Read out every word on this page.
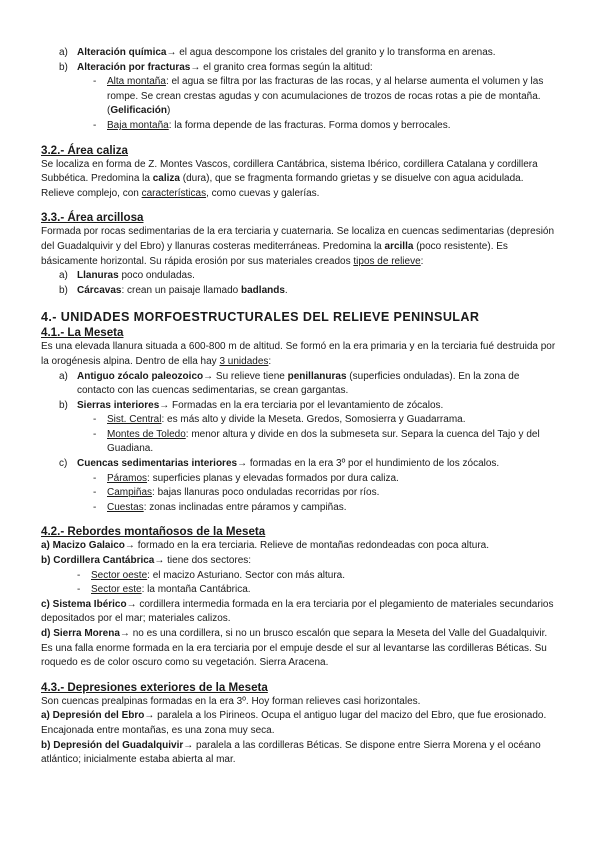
a) Alteración química→ el agua descompone los cristales del granito y lo transforma en arenas.
b) Alteración por fracturas→ el granito crea formas según la altitud:
-	Alta montaña: el agua se filtra por las fracturas de las rocas, y al helarse aumenta el volumen y las rompe. Se crean crestas agudas y con acumulaciones de trozos de rocas rotas a pie de montaña. (Gelificación)
-	Baja montaña: la forma depende de las fracturas. Forma domos y berrocales.

3.2.- Área caliza

Se localiza en forma de Z. Montes Vascos, cordillera Cantábrica, sistema Ibérico, cordillera Catalana y cordillera Subbética. Predomina la caliza (dura), que se fragmenta formando grietas y se disuelve con agua acidulada. Relieve complejo, con características, como cuevas y galerías.

3.3.- Área arcillosa

Formada por rocas sedimentarias de la era terciaria y cuaternaria. Se localiza en cuencas sedimentarias (depresión del Guadalquivir y del Ebro) y llanuras costeras mediterráneas. Predomina la arcilla (poco resistente). Es básicamente horizontal. Su rápida erosión por sus materiales creados tipos de relieve:

a) Llanuras poco onduladas.
b) Cárcavas: crean un paisaje llamado badlands.

4.- UNIDADES MORFOESTRUCTURALES DEL RELIEVE PENINSULAR

4.1.- La Meseta

Es una elevada llanura situada a 600-800 m de altitud. Se formó en la era primaria y en la terciaria fué destruida por la orogénesis alpina. Dentro de ella hay 3 unidades:

a) Antiguo zócalo paleozoico→ Su relieve tiene penillanuras (superficies onduladas). En la zona de contacto con las cuencas sedimentarias, se crean gargantas.
b) Sierras interiores→ Formadas en la era terciaria por el levantamiento de zócalos.
-	Sist. Central: es más alto y divide la Meseta. Gredos, Somosierra y Guadarrama.
-	Montes de Toledo: menor altura y divide en dos la submeseta sur. Separa la cuenca del Tajo y del Guadiana.
c) Cuencas sedimentarias interiores→ formadas en la era 3º por el hundimiento de los zócalos.
-	Páramos: superficies planas y elevadas formados por dura caliza.
-	Campiñas: bajas llanuras poco onduladas recorridas por ríos.
-	Cuestas: zonas inclinadas entre páramos y campiñas.

4.2.- Rebordes montañosos de la Meseta

a) Macizo Galaico→ formado en la era terciaria. Relieve de montañas redondeadas con poca altura.

b) Cordillera Cantábrica→ tiene dos sectores:

-	Sector oeste: el macizo Asturiano. Sector con más altura.
-	Sector este: la montaña Cantábrica.

c) Sistema Ibérico→ cordillera intermedia formada en la era terciaria por el plegamiento de materiales secundarios depositados por el mar; materiales calizos.

d) Sierra Morena→ no es una cordillera, si no un brusco escalón que separa la Meseta del Valle del Guadalquivir. Es una falla enorme formada en la era terciaria por el empuje desde el sur al levantarse las cordilleras Béticas. Su roquedo es de color oscuro como su vegetación. Sierra Aracena.

4.3.- Depresiones exteriores de la Meseta

Son cuencas prealpinas formadas en la era 3º. Hoy forman relieves casi horizontales.

a) Depresión del Ebro→ paralela a los Pirineos. Ocupa el antiguo lugar del macizo del Ebro, que fue erosionado. Encajonada entre montañas, es una zona muy seca.

b) Depresión del Guadalquivir→ paralela a las cordilleras Béticas. Se dispone entre Sierra Morena y el océano atlántico; inicialmente estaba abierta al mar.
